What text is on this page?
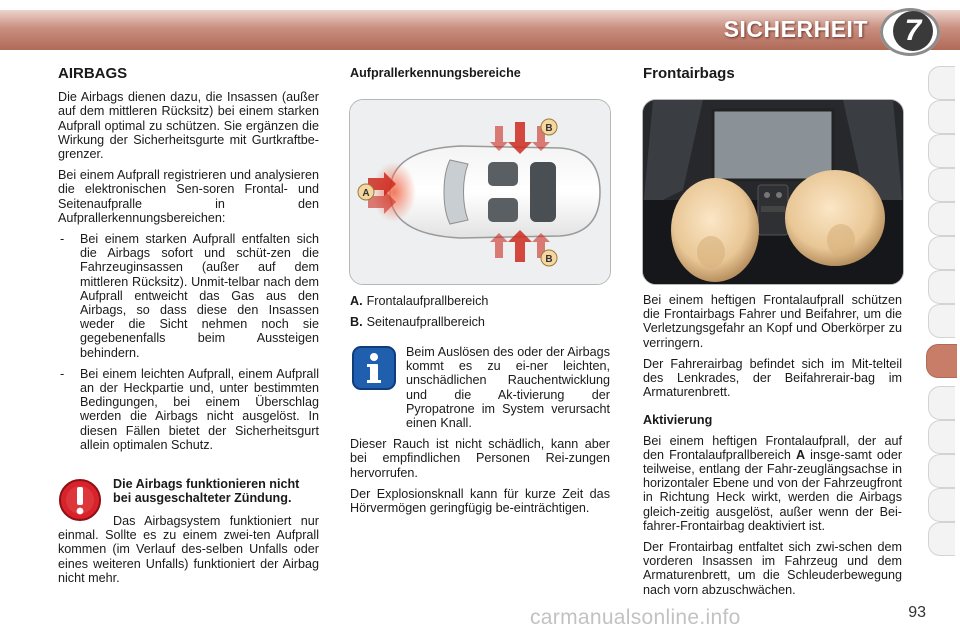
SICHERHEIT	7
AIRBAGS

Die Airbags dienen dazu, die Insassen (außer auf dem mittleren Rücksitz) bei einem starken Aufprall optimal zu schützen. Sie ergänzen die Wirkung der Sicherheitsgurte mit Gurtkraftbe-grenzer.

Bei einem Aufprall registrieren und analysieren die elektronischen Sen-soren Frontal- und Seitenaufpralle in den Aufprallerkennungsbereichen:

- Bei einem starken Aufprall entfalten sich die Airbags sofort und schüt-zen die Fahrzeuginsassen (außer auf dem mittleren Rücksitz). Unmit-telbar nach dem Aufprall entweicht das Gas aus den Airbags, so dass diese den Insassen weder die Sicht nehmen noch sie gegebenenfalls beim Aussteigen behindern.
- Bei einem leichten Aufprall, einem Aufprall an der Heckpartie und, unter bestimmten Bedingungen, bei einem Überschlag werden die Airbags nicht ausgelöst. In diesen Fällen bietet der Sicherheitsgurt allein optimalen Schutz.
Die Airbags funktionieren nicht bei ausgeschalteter Zündung.

Das Airbagsystem funktioniert nur einmal. Sollte es zu einem zwei-ten Aufprall kommen (im Verlauf des-selben Unfalls oder eines weiteren Unfalls) funktioniert der Airbag nicht mehr.

Aufprallerkennungsbereiche
B
B
A

A. Frontalaufprallbereich

B. Seitenaufprallbereich

Beim Auslösen des oder der Airbags kommt es zu ei-ner leichten, unschädlichen Rauchentwicklung und die Ak-tivierung der Pyropatrone im System verursacht einen Knall.

Dieser Rauch ist nicht schädlich, kann aber bei empfindlichen Personen Rei-zungen hervorrufen.

Der Explosionsknall kann für kurze Zeit das Hörvermögen geringfügig be-einträchtigen.

Frontairbags

Bei einem heftigen Frontalaufprall schützen die Frontairbags Fahrer und Beifahrer, um die Verletzungsgefahr an Kopf und Oberkörper zu verringern.

Der Fahrerairbag befindet sich im Mit-telteil des Lenkrades, der Beifahrerair-bag im Armaturenbrett.

Aktivierung

Bei einem heftigen Frontalaufprall, der auf den Frontalaufprallbereich A insge-samt oder teilweise, entlang der Fahr-zeuglängsachse in horizontaler Ebene und von der Fahrzeugfront in Richtung Heck wirkt, werden die Airbags gleich-zeitig ausgelöst, außer wenn der Bei-fahrer-Frontairbag deaktiviert ist.

Der Frontairbag entfaltet sich zwi-schen dem vorderen Insassen im Fahrzeug und dem Armaturenbrett, um die Schleuderbewegung nach vorn abzuschwächen.

carmanualsonline.info	93
